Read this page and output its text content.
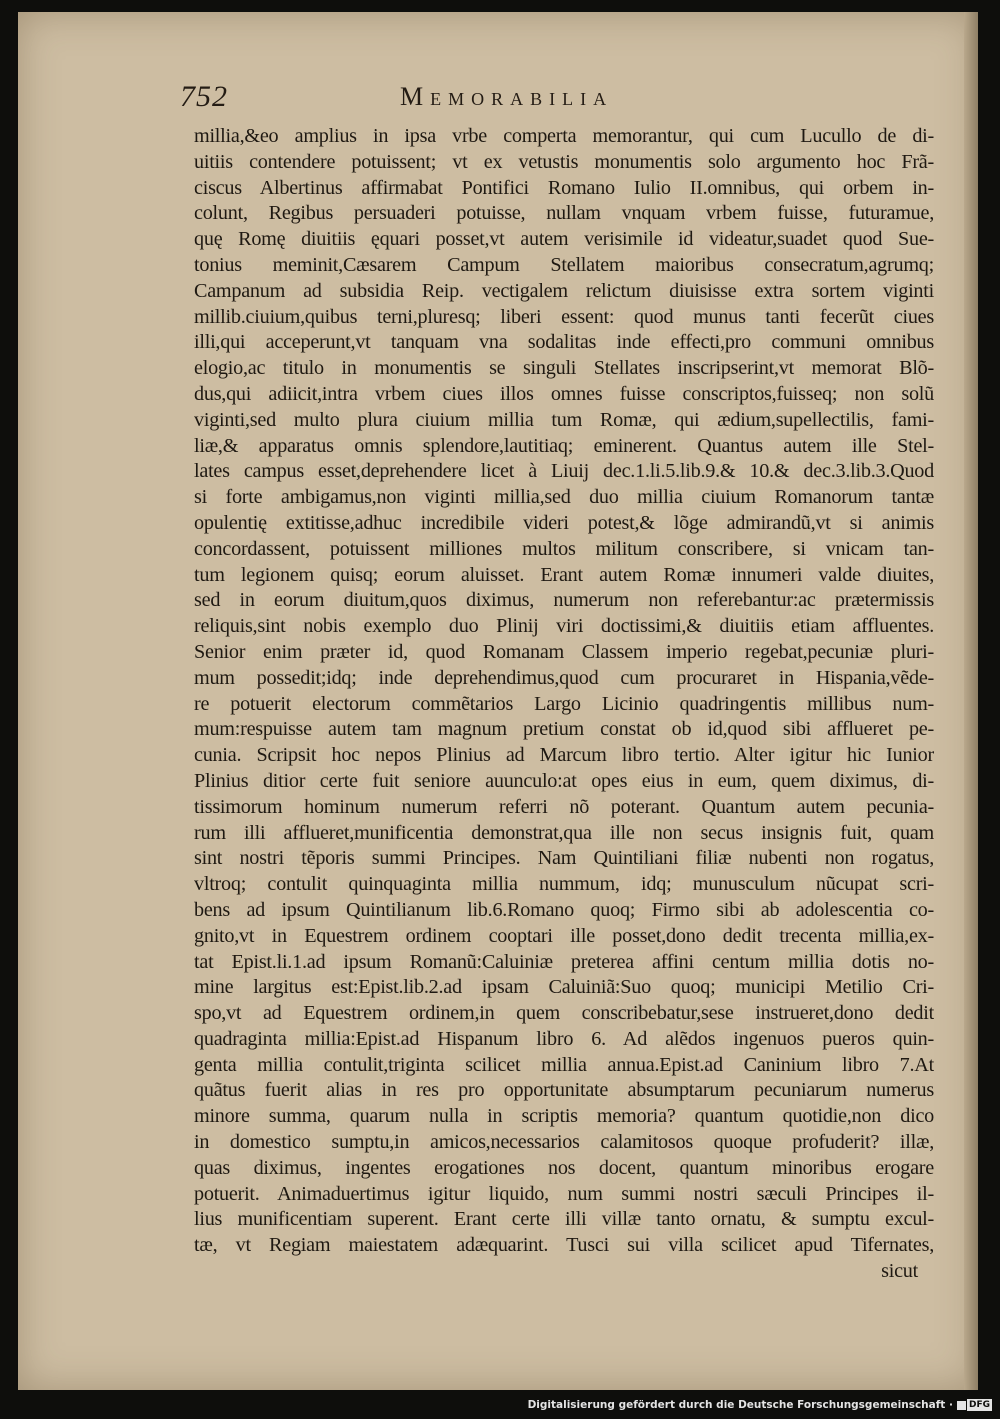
752	Memorabilia
millia,&eo amplius in ipsa vrbe comperta memorantur, qui cum Lucullo de di-
uitiis contendere potuissent; vt ex vetustis monumentis solo argumento hoc Frã-
ciscus Albertinus affirmabat Pontifici Romano Iulio II.omnibus, qui orbem in-
colunt, Regibus persuaderi potuisse, nullam vnquam vrbem fuisse, futuramue,
quę Romę diuitiis ęquari posset,vt autem verisimile id videatur,suadet quod Sue-
tonius meminit,Cæsarem Campum Stellatem maioribus consecratum,agrumq;
Campanum ad subsidia Reip. vectigalem relictum diuisisse extra sortem viginti
millib.ciuium,quibus terni,pluresq; liberi essent: quod munus tanti fecerũt ciues
illi,qui acceperunt,vt tanquam vna sodalitas inde effecti,pro communi omnibus
elogio,ac titulo in monumentis se singuli Stellates inscripserint,vt memorat Blõ-
dus,qui adiicit,intra vrbem ciues illos omnes fuisse conscriptos,fuisseq; non solũ
viginti,sed multo plura ciuium millia tum Romæ, qui ædium,supellectilis, fami-
liæ,& apparatus omnis splendore,lautitiaq; eminerent. Quantus autem ille Stel-
lates campus esset,deprehendere licet à Liuij dec.1.li.5.lib.9.& 10.& dec.3.lib.3.Quod
si forte ambigamus,non viginti millia,sed duo millia ciuium Romanorum tantæ
opulentię extitisse,adhuc incredibile videri potest,& lõge admirandũ,vt si animis
concordassent, potuissent milliones multos militum conscribere, si vnicam tan-
tum legionem quisq; eorum aluisset. Erant autem Romæ innumeri valde diuites,
sed in eorum diuitum,quos diximus, numerum non referebantur:ac prætermissis
reliquis,sint nobis exemplo duo Plinij viri doctissimi,& diuitiis etiam affluentes.
Senior enim præter id, quod Romanam Classem imperio regebat,pecuniæ pluri-
mum possedit;idq; inde deprehendimus,quod cum procuraret in Hispania,vẽde-
re potuerit electorum commẽtarios Largo Licinio quadringentis millibus num-
mum:respuisse autem tam magnum pretium constat ob id,quod sibi afflueret pe-
cunia. Scripsit hoc nepos Plinius ad Marcum libro tertio. Alter igitur hic Iunior
Plinius ditior certe fuit seniore auunculo:at opes eius in eum, quem diximus, di-
tissimorum hominum numerum referri nõ poterant. Quantum autem pecunia-
rum illi afflueret,munificentia demonstrat,qua ille non secus insignis fuit, quam
sint nostri tẽporis summi Principes. Nam Quintiliani filiæ nubenti non rogatus,
vltroq; contulit quinquaginta millia nummum, idq; munusculum nũcupat scri-
bens ad ipsum Quintilianum lib.6.Romano quoq; Firmo sibi ab adolescentia co-
gnito,vt in Equestrem ordinem cooptari ille posset,dono dedit trecenta millia,ex-
tat Epist.li.1.ad ipsum Romanũ:Caluiniæ preterea affini centum millia dotis no-
mine largitus est:Epist.lib.2.ad ipsam Caluiniã:Suo quoq; municipi Metilio Cri-
spo,vt ad Equestrem ordinem,in quem conscribebatur,sese instrueret,dono dedit
quadraginta millia:Epist.ad Hispanum libro 6. Ad alẽdos ingenuos pueros quin-
genta millia contulit,triginta scilicet millia annua.Epist.ad Caninium libro 7.At
quãtus fuerit alias in res pro opportunitate absumptarum pecuniarum numerus
minore summa, quarum nulla in scriptis memoria? quantum quotidie,non dico
in domestico sumptu,in amicos,necessarios calamitosos quoque profuderit? illæ,
quas diximus, ingentes erogationes nos docent, quantum minoribus erogare
potuerit. Animaduertimus igitur liquido, num summi nostri sæculi Principes il-
lius munificentiam superent. Erant certe illi villæ tanto ornatu, & sumptu excul-
tæ, vt Regiam maiestatem adæquarint. Tusci sui villa scilicet apud Tifernates,
sicut
Digitalisierung gefördert durch die Deutsche Forschungsgemeinschaft · DFG
